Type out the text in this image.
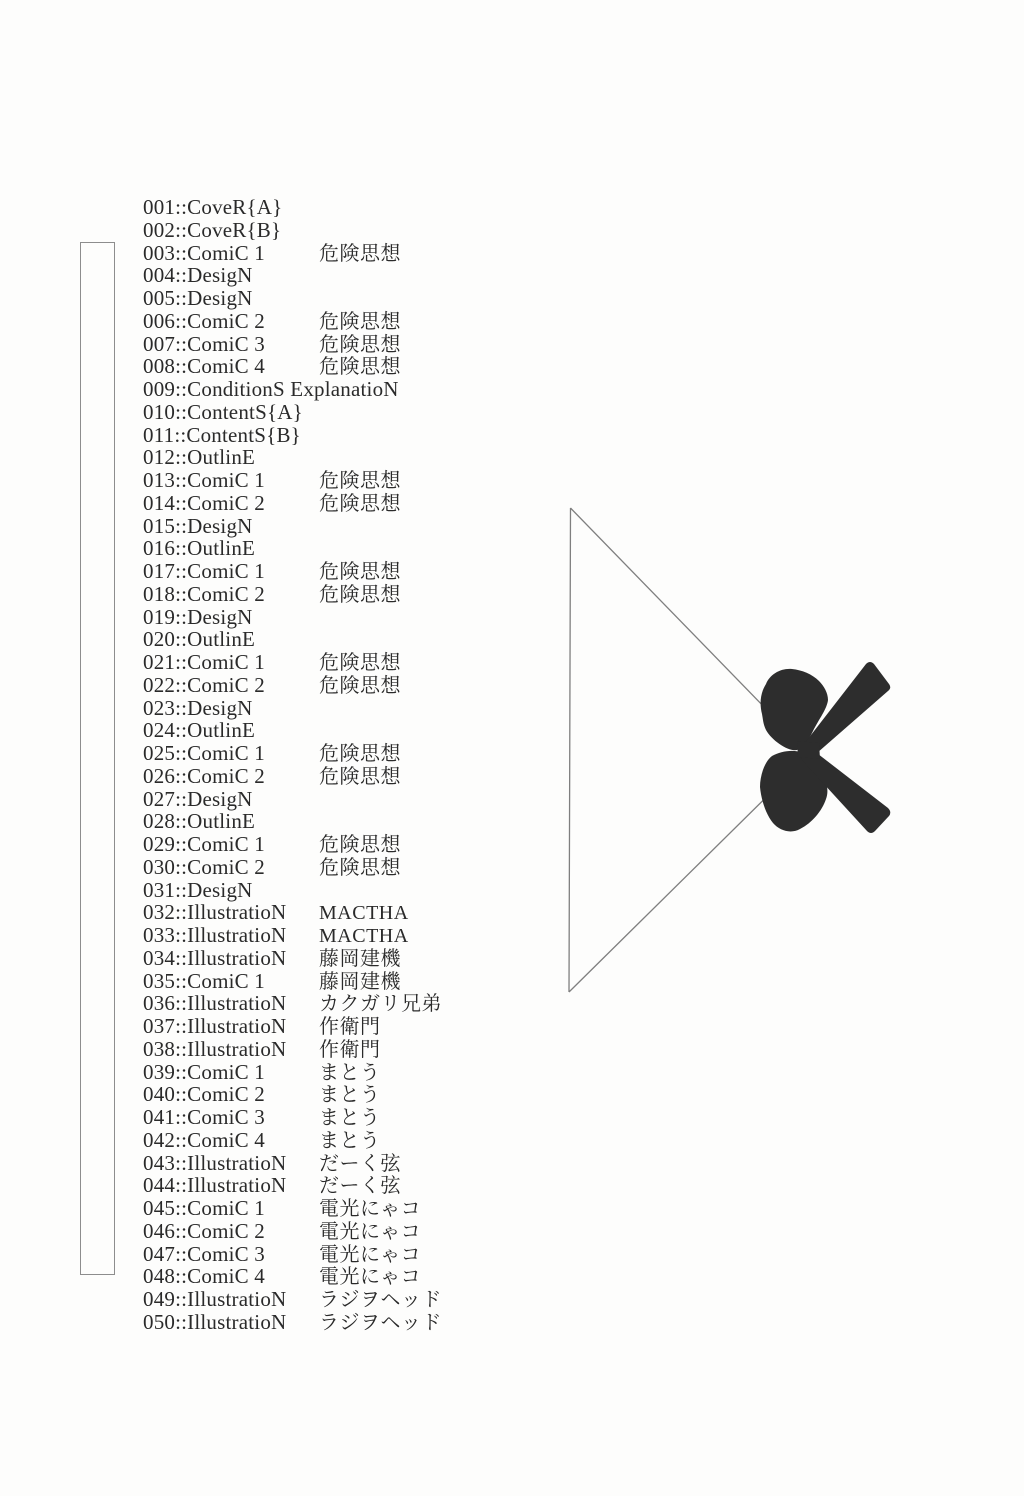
001::CoveR{A}
002::CoveR{B}
003::ComiC 1	危険思想
004::DesigN
005::DesigN
006::ComiC 2	危険思想
007::ComiC 3	危険思想
008::ComiC 4	危険思想
009::ConditionS ExplanatioN
010::ContentS{A}
011::ContentS{B}
012::OutlinE
013::ComiC 1	危険思想
014::ComiC 2	危険思想
015::DesigN
016::OutlinE
017::ComiC 1	危険思想
018::ComiC 2	危険思想
019::DesigN
020::OutlinE
021::ComiC 1	危険思想
022::ComiC 2	危険思想
023::DesigN
024::OutlinE
025::ComiC 1	危険思想
026::ComiC 2	危険思想
027::DesigN
028::OutlinE
029::ComiC 1	危険思想
030::ComiC 2	危険思想
031::DesigN
032::IllustratioN MACTHA
033::IllustratioN MACTHA
034::IllustratioN 藤岡建機
035::ComiC 1	藤岡建機
036::IllustratioN カクガリ兄弟
037::IllustratioN 作衛門
038::IllustratioN 作衛門
039::ComiC 1	まとう
040::ComiC 2	まとう
041::ComiC 3	まとう
042::ComiC 4	まとう
043::IllustratioN だーく弦
044::IllustratioN だーく弦
045::ComiC 1	電光にゃコ
046::ComiC 2	電光にゃコ
047::ComiC 3	電光にゃコ
048::ComiC 4	電光にゃコ
049::IllustratioN ラジヲヘッド
050::IllustratioN ラジヲヘッド
